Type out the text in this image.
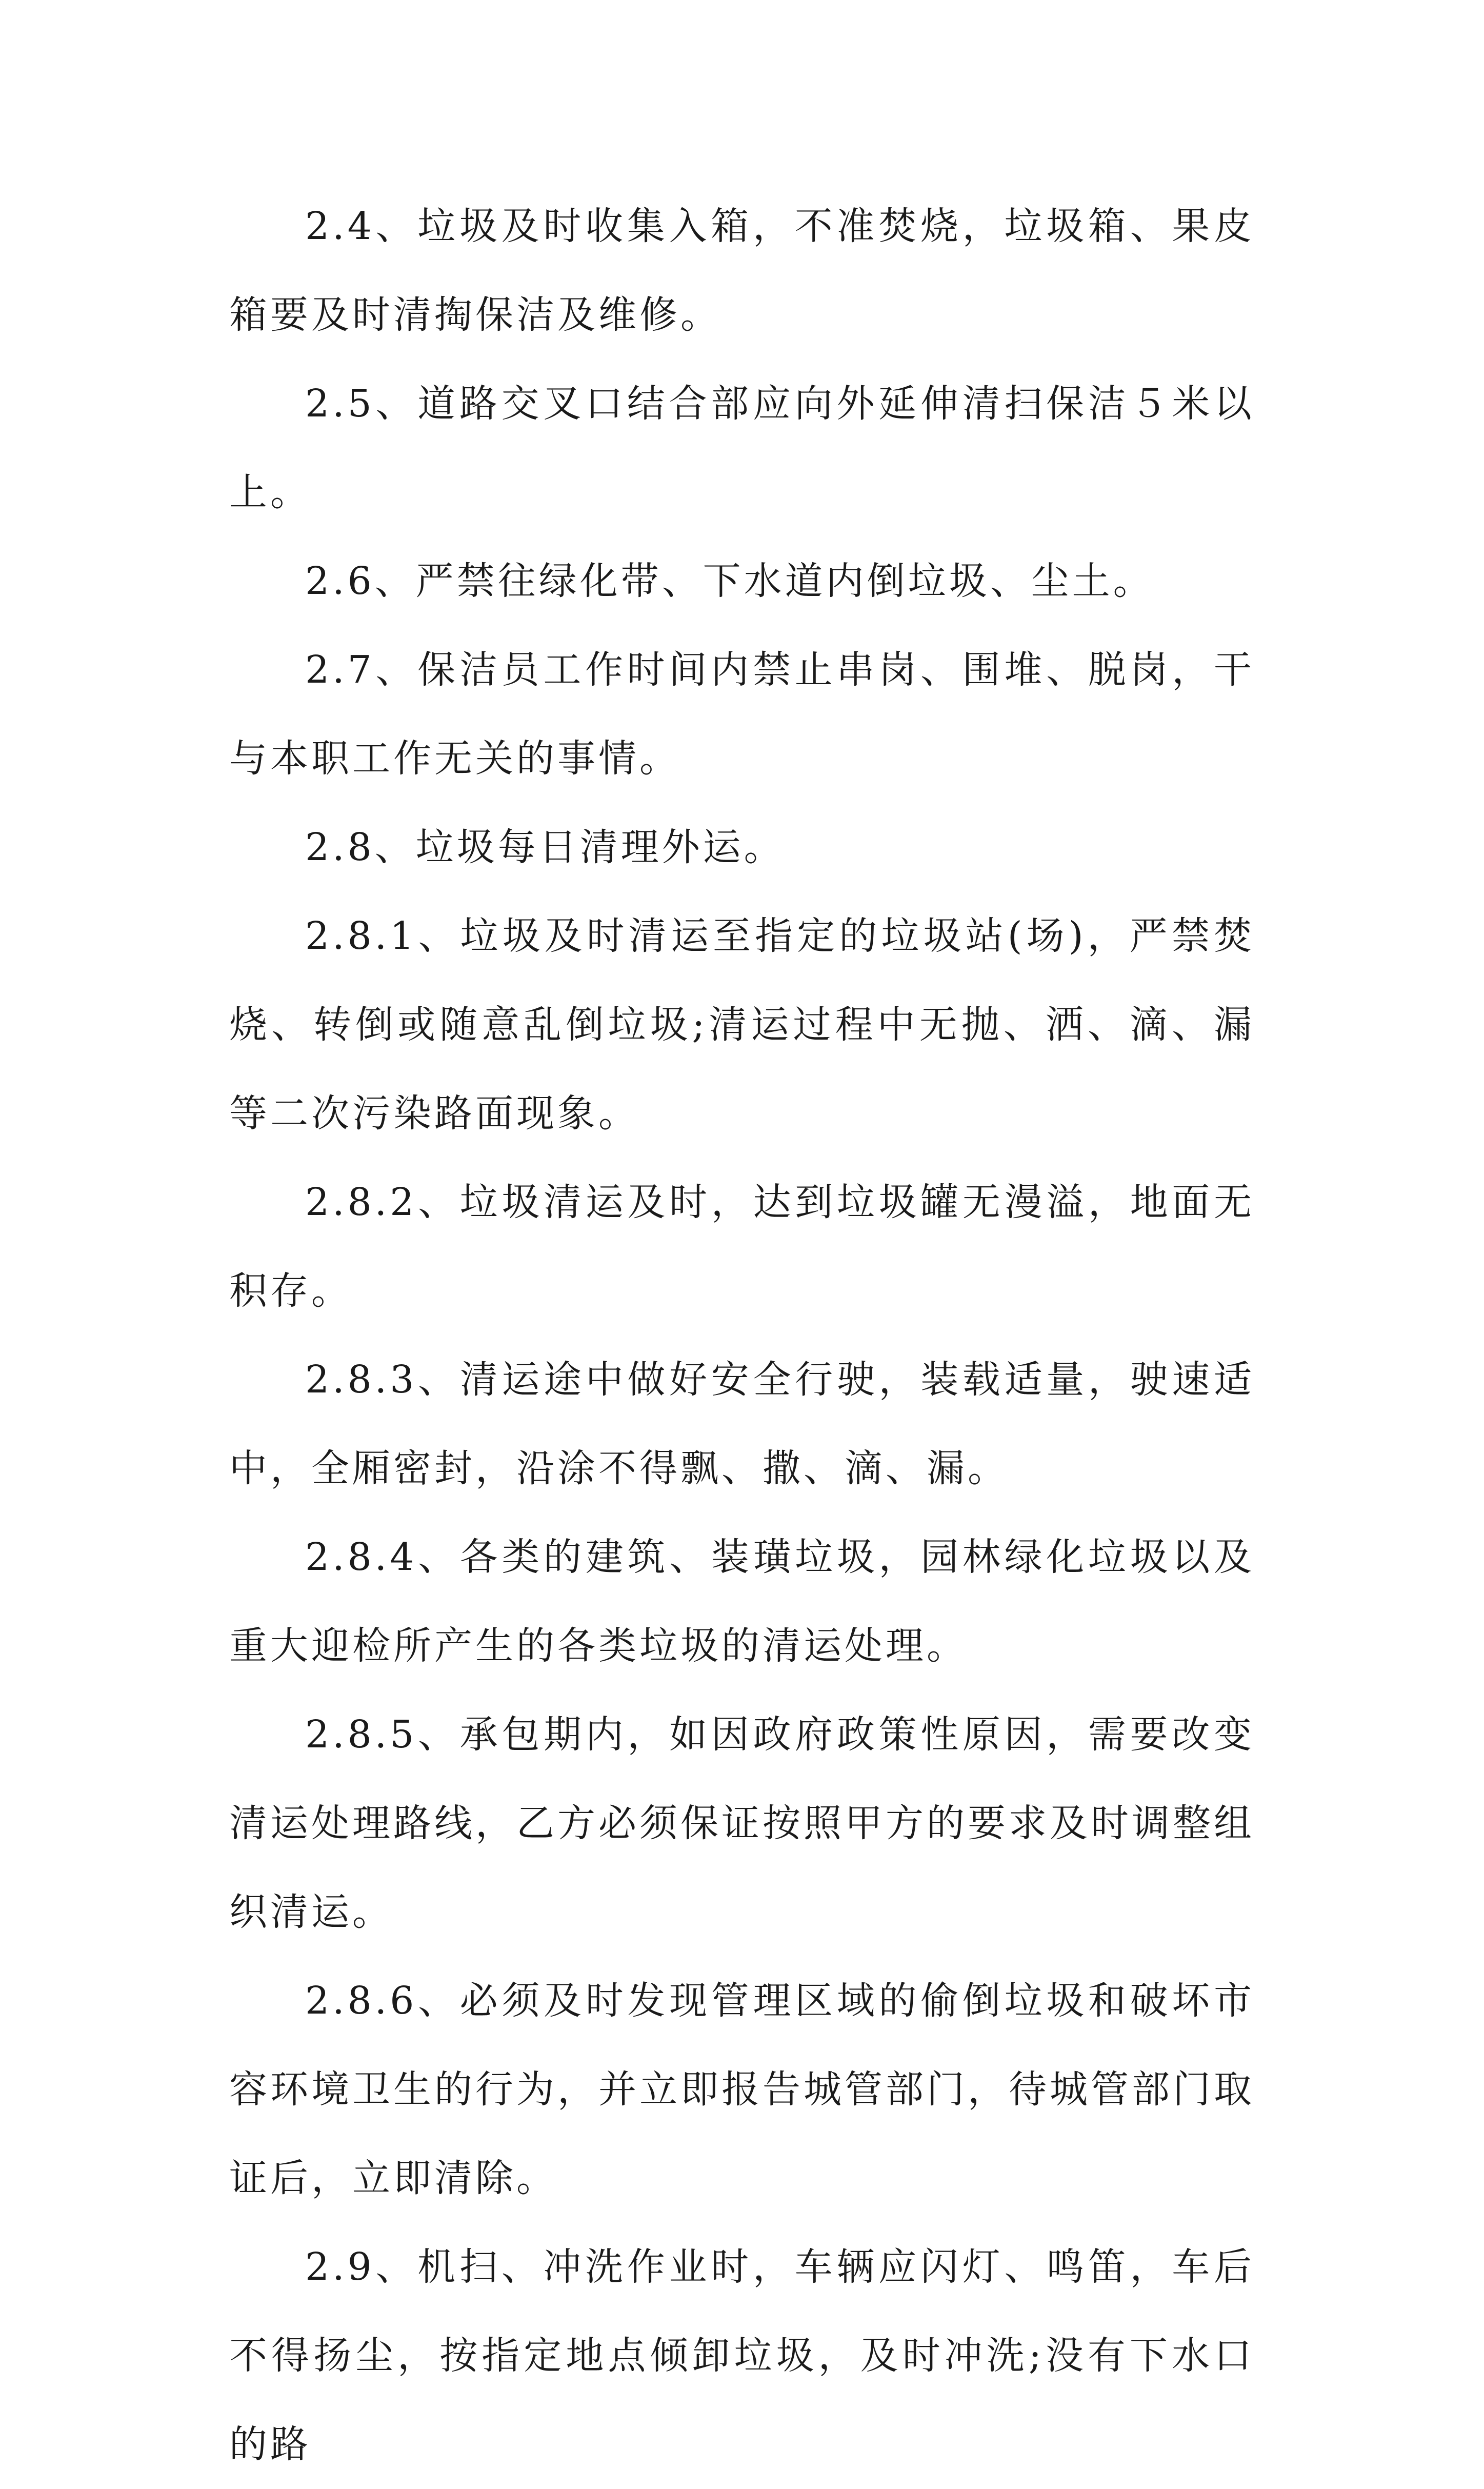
2.4、垃圾及时收集入箱，不准焚烧，垃圾箱、果皮箱要及时清掏保洁及维修。

2.5、道路交叉口结合部应向外延伸清扫保洁５米以上。

2.6、严禁往绿化带、下水道内倒垃圾、尘土。

2.7、保洁员工作时间内禁止串岗、围堆、脱岗，干与本职工作无关的事情。

2.8、垃圾每日清理外运。

2.8.1、垃圾及时清运至指定的垃圾站(场)，严禁焚烧、转倒或随意乱倒垃圾;清运过程中无抛、洒、滴、漏等二次污染路面现象。

2.8.2、垃圾清运及时，达到垃圾罐无漫溢，地面无积存。

2.8.3、清运途中做好安全行驶，装载适量，驶速适中，全厢密封，沿涂不得飘、撒、滴、漏。

2.8.4、各类的建筑、装璜垃圾，园林绿化垃圾以及重大迎检所产生的各类垃圾的清运处理。

2.8.5、承包期内，如因政府政策性原因，需要改变清运处理路线，乙方必须保证按照甲方的要求及时调整组织清运。

2.8.6、必须及时发现管理区域的偷倒垃圾和破坏市容环境卫生的行为，并立即报告城管部门，待城管部门取证后，立即清除。

2.9、机扫、冲洗作业时，车辆应闪灯、鸣笛，车后不得扬尘，按指定地点倾卸垃圾，及时冲洗;没有下水口的路
